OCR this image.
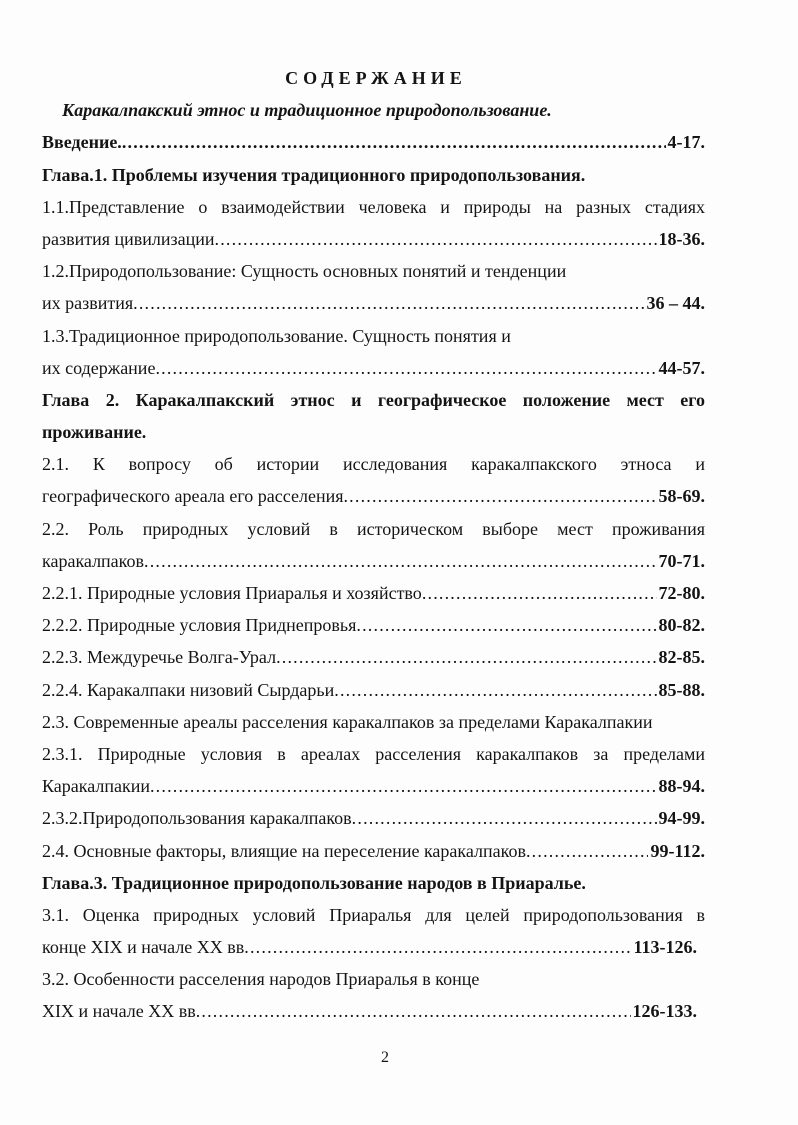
СОДЕРЖАНИЕ
Каракалпакский этнос и традиционное природопользование.
Введение. .....	4-17.
Глава.1. Проблемы изучения традиционного природопользования.
1.1.Представление о взаимодействии человека и природы на разных стадиях
развития цивилизации .....	18-36.
1.2.Природопользование: Сущность основных понятий и тенденции
их развития .....	36 – 44.
1.3.Традиционное природопользование. Сущность понятия и
их содержание .....	44-57.
Глава 2. Каракалпакский этнос и географическое положение мест его
проживание.
2.1. К вопросу об истории исследования каракалпакского этноса и
географического ареала его расселения .....	58-69.
2.2. Роль природных условий в историческом выборе мест проживания
каракалпаков .....	70-71.
2.2.1. Природные условия Приаралья и хозяйство .....	72-80.
2.2.2. Природные условия Приднепровья .....	80-82.
2.2.3. Междуречье Волга-Урал .....	82-85.
2.2.4. Каракалпаки низовий Сырдарьи .....	85-88.
2.3. Современные ареалы расселения каракалпаков за пределами Каракалпакии
2.3.1. Природные условия в ареалах расселения каракалпаков за пределами
Каракалпакии .....	88-94.
2.3.2.Природопользования каракалпаков .....	94-99.
2.4. Основные факторы, влиящие на переселение каракалпаков .....	99-112.
Глава.3. Традиционное природопользование народов в Приаралье.
3.1. Оценка природных условий Приаралья для целей природопользования в
конце XIX и начале XX вв .....	113-126.
3.2. Особенности расселения народов Приаралья в конце
XIX и начале XX вв .....	126-133.
2
